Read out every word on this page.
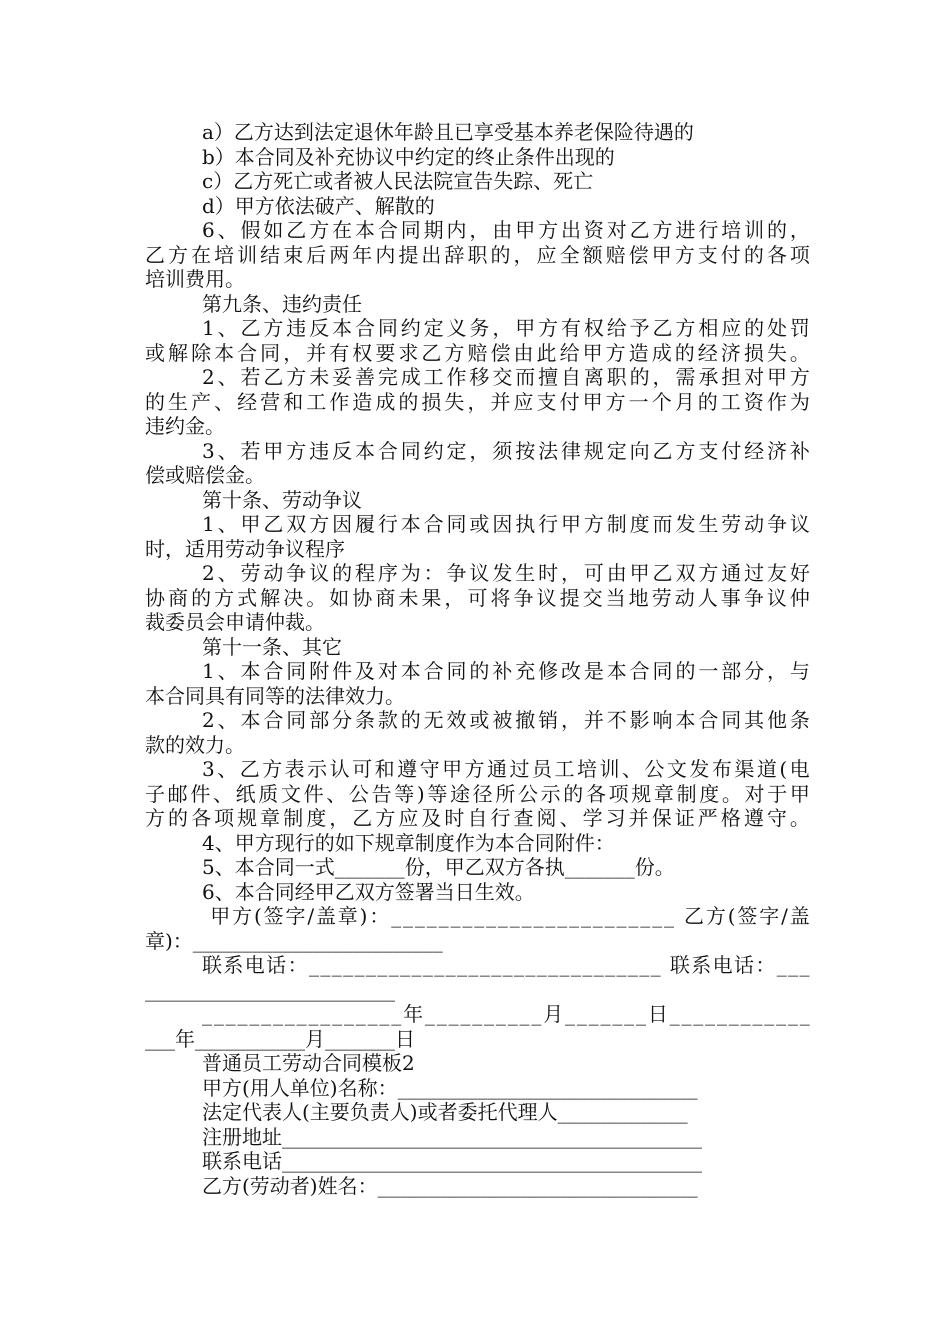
a）乙方达到法定退休年龄且已享受基本养老保险待遇的
b）本合同及补充协议中约定的终止条件出现的
c）乙方死亡或者被人民法院宣告失踪、死亡
d）甲方依法破产、解散的
6 、 假 如 乙 方 在 本 合 同 期 内 ， 由 甲 方 出 资 对 乙 方 进 行 培 训 的 ，
乙 方 在 培 训 结 束 后 两 年 内 提 出 辞 职 的 ， 应 全 额 赔 偿 甲 方 支 付 的 各 项
培训费用。
第九条、违约责任
1 、 乙 方 违 反 本 合 同 约 定 义 务 ， 甲 方 有 权 给 予 乙 方 相 应 的 处 罚
或 解 除 本 合 同 ， 并 有 权 要 求 乙 方 赔 偿 由 此 给 甲 方 造 成 的 经 济 损 失 。
2 、 若 乙 方 未 妥 善 完 成 工 作 移 交 而 擅 自 离 职 的 ， 需 承 担 对 甲 方
的 生 产 、 经 营 和 工 作 造 成 的 损 失 ， 并 应 支 付 甲 方 一 个 月 的 工 资 作 为
违约金。
3 、 若 甲 方 违 反 本 合 同 约 定 ， 须 按 法 律 规 定 向 乙 方 支 付 经 济 补
偿或赔偿金。
第十条、劳动争议
1 、 甲 乙 双 方 因 履 行 本 合 同 或 因 执 行 甲 方 制 度 而 发 生 劳 动 争 议
时，适用劳动争议程序
2 、 劳 动 争 议 的 程 序 为 ： 争 议 发 生 时 ， 可 由 甲 乙 双 方 通 过 友 好
协 商 的 方 式 解 决 。 如 协 商 未 果 ， 可 将 争 议 提 交 当 地 劳 动 人 事 争 议 仲
裁委员会申请仲裁。
第十一条、其它
1 、 本 合 同 附 件 及 对 本 合 同 的 补 充 修 改 是 本 合 同 的 一 部 分 ， 与
本合同具有同等的法律效力。
2 、 本 合 同 部 分 条 款 的 无 效 或 被 撤 销 ， 并 不 影 响 本 合 同 其 他 条
款的效力。
3 、 乙 方 表 示 认 可 和 遵 守 甲 方 通 过 员 工 培 训 、 公 文 发 布 渠 道 ( 电
子 邮 件 、 纸 质 文 件 、 公 告 等 ) 等 途 径 所 公 示 的 各 项 规 章 制 度 。 对 于 甲
方 的 各 项 规 章 制 度 ， 乙 方 应 及 时 自 行 查 阅 、 学 习 并 保 证 严 格 遵 守 。
4、甲方现行的如下规章制度作为本合同附件：
5、本合同一式_______份，甲乙双方各执_______份。
6、本合同经甲乙双方签署当日生效。

甲 方 ( 签 字 / 盖 章 ) ： _ _ _ _ _ _ _ _ _ _ _ _ _ _ _ _ _ _ _ _ _ _ _ _
乙 方 ( 签 字 / 盖
章)：_________________________
联 系 电 话 ： _ _ _ _ _ _ _ _ _ _ _ _ _ _ _ _ _ _ _ _ _ _ _ _ _ _ _ _ _ _ _
联 系 电 话 ： _ _ _
_________________________
_ _ _ _ _ _ _ _ _ _ _ _ _ _ _ _ _ 年 _ _ _ _ _ _ _ _ _ _ 月 _ _ _ _ _ _ _ 日 _ _ _ _ _ _ _ _ _ _ _ _
___年___________月_______日
普通员工劳动合同模板2
甲方(用人单位)名称：______________________________
法定代表人(主要负责人)或者委托代理人_____________
注册地址__________________________________________
联系电话__________________________________________
乙方(劳动者)姓名：________________________________
